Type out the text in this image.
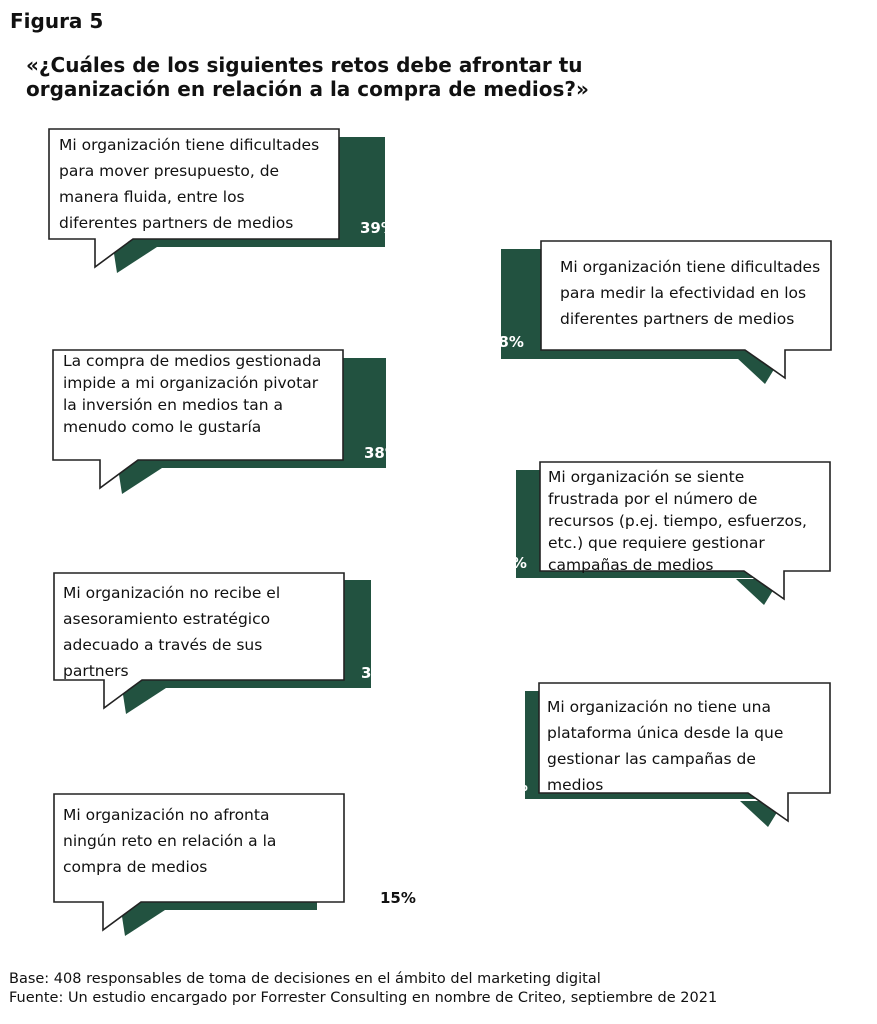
Figura 5
«¿Cuáles de los siguientes retos debe afrontar tu organización en relación a la compra de medios?»

Mi organización tiene dificultades para mover presupuesto, de manera fluida, entre los diferentes partners de medios	39%

Mi organización tiene dificultades para medir la efectividad en los diferentes partners de medios

38%

La compra de medios gestionada impide a mi organización pivotar la inversión en medios tan a menudo como le gustaría

38%

Mi organización se siente frustrada por el número de recursos (p.ej. tiempo, esfuerzos, etc.) que requiere gestionar campañas de medios

33%

Mi organización no recibe el asesoramiento estratégico adecuado a través de sus partners	33%

Mi organización no tiene una plataforma única desde la que gestionar las campañas de medios

30%

Mi organización no afronta ningún reto en relación a la compra de medios

15%

Base: 408 responsables de toma de decisiones en el ámbito del marketing digital

Fuente: Un estudio encargado por Forrester Consulting en nombre de Criteo, septiembre de 2021
